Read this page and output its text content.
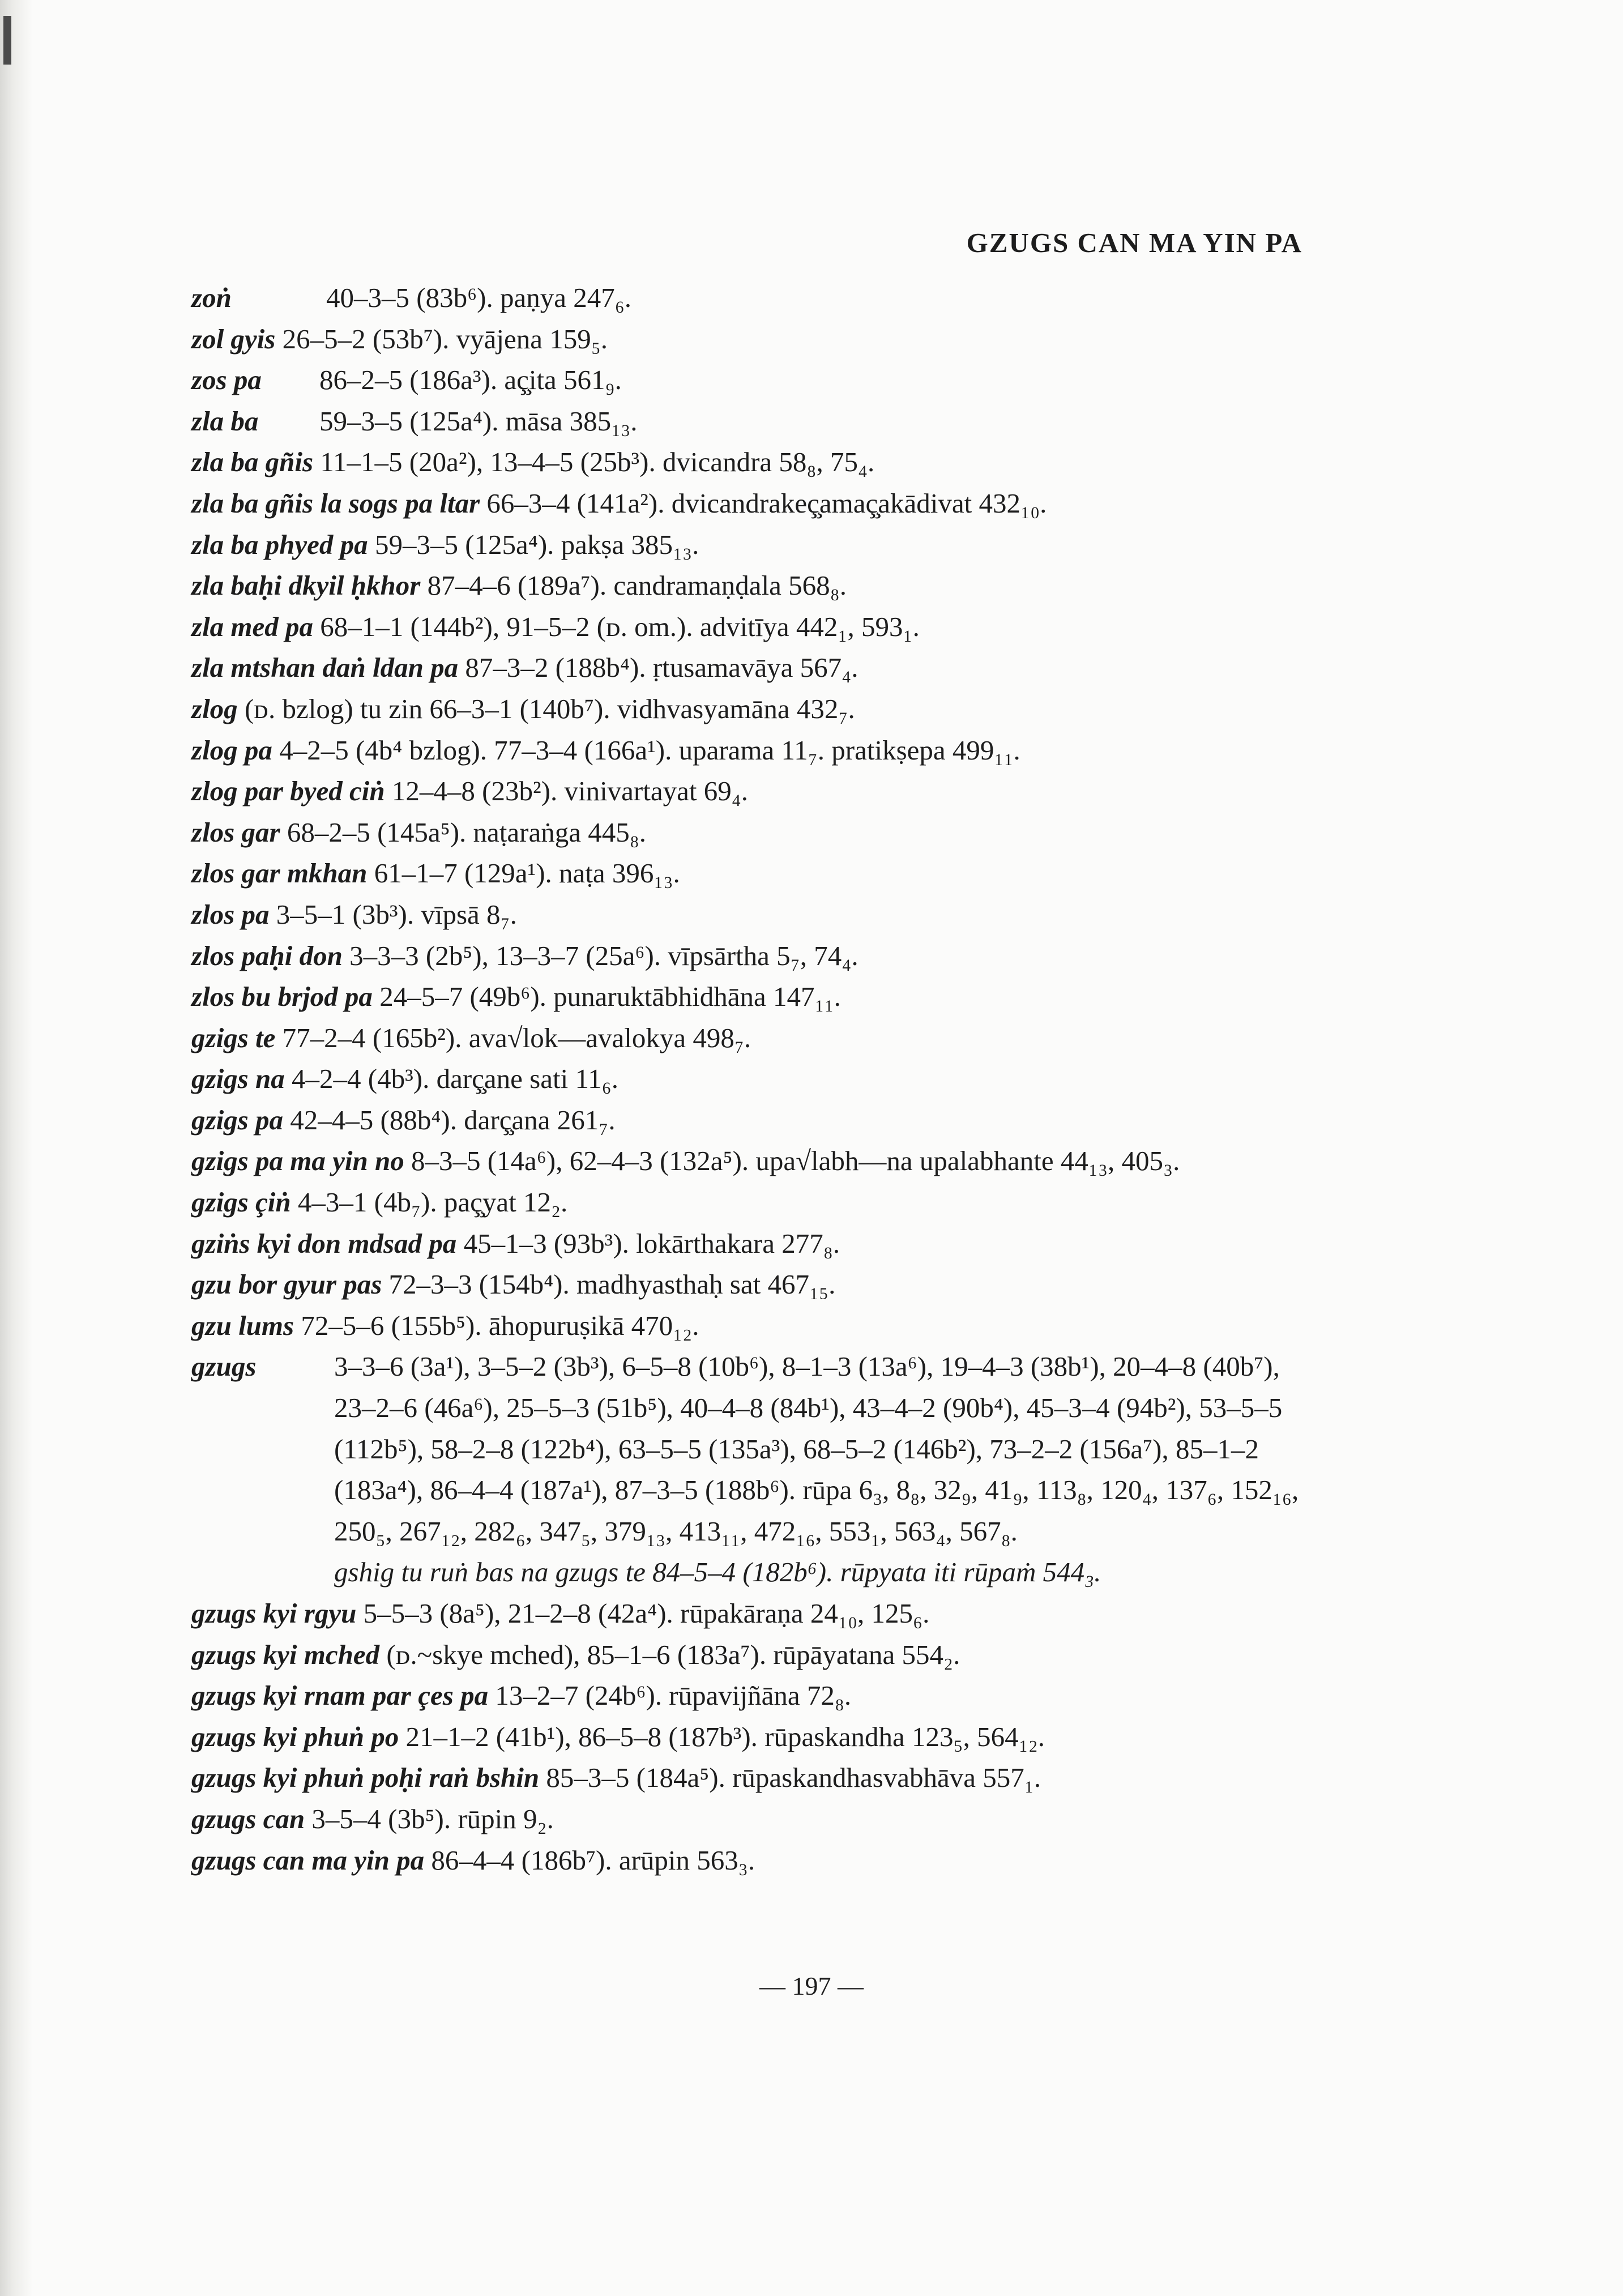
GZUGS CAN MA YIN PA

zoṅ	40–3–5 (83b⁶). paṇya 247₆.

zol gyis 26–5–2 (53b⁷). vyājena 159₅.

zos pa 86–2–5 (186a³). aç̧ita 561₉.

zla ba 59–3–5 (125a⁴). māsa 385₁₃.

zla ba gñis 11–1–5 (20a²), 13–4–5 (25b³). dvicandra 58₈, 75₄.

zla ba gñis la sogs pa ltar 66–3–4 (141a²). dvicandrakeç̧amaç̧akādivat 432₁₀.

zla ba phyed pa 59–3–5 (125a⁴). pakṣa 385₁₃.

zla baḥi dkyil ḥkhor 87–4–6 (189a⁷). candramaṇḍala 568₈.

zla med pa 68–1–1 (144b²), 91–5–2 (ᴅ. om.). advitīya 442₁, 593₁.

zla mtshan daṅ ldan pa 87–3–2 (188b⁴). ṛtusamavāya 567₄.

zlog (ᴅ. bzlog) tu zin 66–3–1 (140b⁷). vidhvasyamāna 432₇.

zlog pa 4–2–5 (4b⁴ bzlog). 77–3–4 (166a¹). uparama 11₇. pratikṣepa 499₁₁.

zlog par byed ciṅ 12–4–8 (23b²). vinivartayat 69₄.

zlos gar 68–2–5 (145a⁵). naṭaraṅga 445₈.

zlos gar mkhan 61–1–7 (129a¹). naṭa 396₁₃.

zlos pa 3–5–1 (3b³). vīpsā 8₇.

zlos paḥi don 3–3–3 (2b⁵), 13–3–7 (25a⁶). vīpsārtha 5₇, 74₄.

zlos bu brjod pa 24–5–7 (49b⁶). punaruktābhidhāna 147₁₁.

gzigs te 77–2–4 (165b²). ava√lok—avalokya 498₇.

gzigs na 4–2–4 (4b³). darç̧ane sati 11₆.

gzigs pa 42–4–5 (88b⁴). darç̧ana 261₇.

gzigs pa ma yin no 8–3–5 (14a⁶), 62–4–3 (132a⁵). upa√labh—na upalabhante 44₁₃, 405₃.

gzigs çiṅ 4–3–1 (4b₇). paç̧yat 12₂.

gziṅs kyi don mdsad pa 45–1–3 (93b³). lokārthakara 277₈.

gzu bor gyur pas 72–3–3 (154b⁴). madhyasthaḥ sat 467₁₅.

gzu lums 72–5–6 (155b⁵). āhopuruṣikā 470₁₂.

gzugs	3–3–6 (3a¹), 3–5–2 (3b³), 6–5–8 (10b⁶), 8–1–3 (13a⁶), 19–4–3 (38b¹), 20–4–8 (40b⁷), 23–2–6 (46a⁶), 25–5–3 (51b⁵), 40–4–8 (84b¹), 43–4–2 (90b⁴), 45–3–4 (94b²), 53–5–5 (112b⁵), 58–2–8 (122b⁴), 63–5–5 (135a³), 68–5–2 (146b²), 73–2–2 (156a⁷), 85–1–2 (183a⁴), 86–4–4 (187a¹), 87–3–5 (188b⁶). rūpa 6₃, 8₈, 32₉, 41₉, 113₈, 120₄, 137₆, 152₁₆, 250₅, 267₁₂, 282₆, 347₅, 379₁₃, 413₁₁, 472₁₆, 553₁, 563₄, 567₈.

gshig tu ruṅ bas na gzugs te 84–5–4 (182b⁶). rūpyata iti rūpaṁ 544₃.

gzugs kyi rgyu 5–5–3 (8a⁵), 21–2–8 (42a⁴). rūpakāraṇa 24₁₀, 125₆.

gzugs kyi mched (ᴅ.~skye mched), 85–1–6 (183a⁷). rūpāyatana 554₂.

gzugs kyi rnam par çes pa 13–2–7 (24b⁶). rūpavijñāna 72₈.

gzugs kyi phuṅ po 21–1–2 (41b¹), 86–5–8 (187b³). rūpaskandha 123₅, 564₁₂.

gzugs kyi phuṅ poḥi raṅ bshin 85–3–5 (184a⁵). rūpaskandhasvabhāva 557₁.

gzugs can 3–5–4 (3b⁵). rūpin 9₂.

gzugs can ma yin pa 86–4–4 (186b⁷). arūpin 563₃.

— 197 —
